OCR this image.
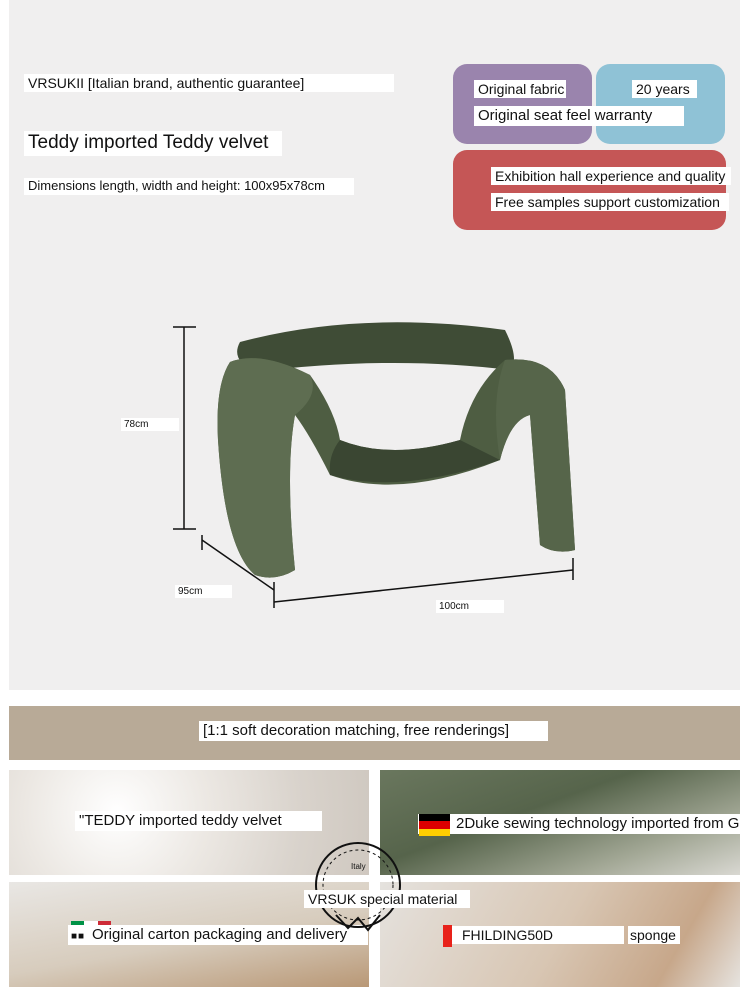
VRSUKII [Italian brand, authentic guarantee]
Teddy imported Teddy velvet
Dimensions length, width and height: 100x95x78cm
Original fabric	20 years
Original seat feel warranty
Exhibition hall experience and quality
Free samples support customization
78cm
95cm
100cm
[1:1 soft decoration matching, free renderings]
"TEDDY imported teddy velvet	2Duke sewing technology imported from G
Original carton packaging and delivery
■■	FHILDING50D	sponge
Italy
VRSUK special material
